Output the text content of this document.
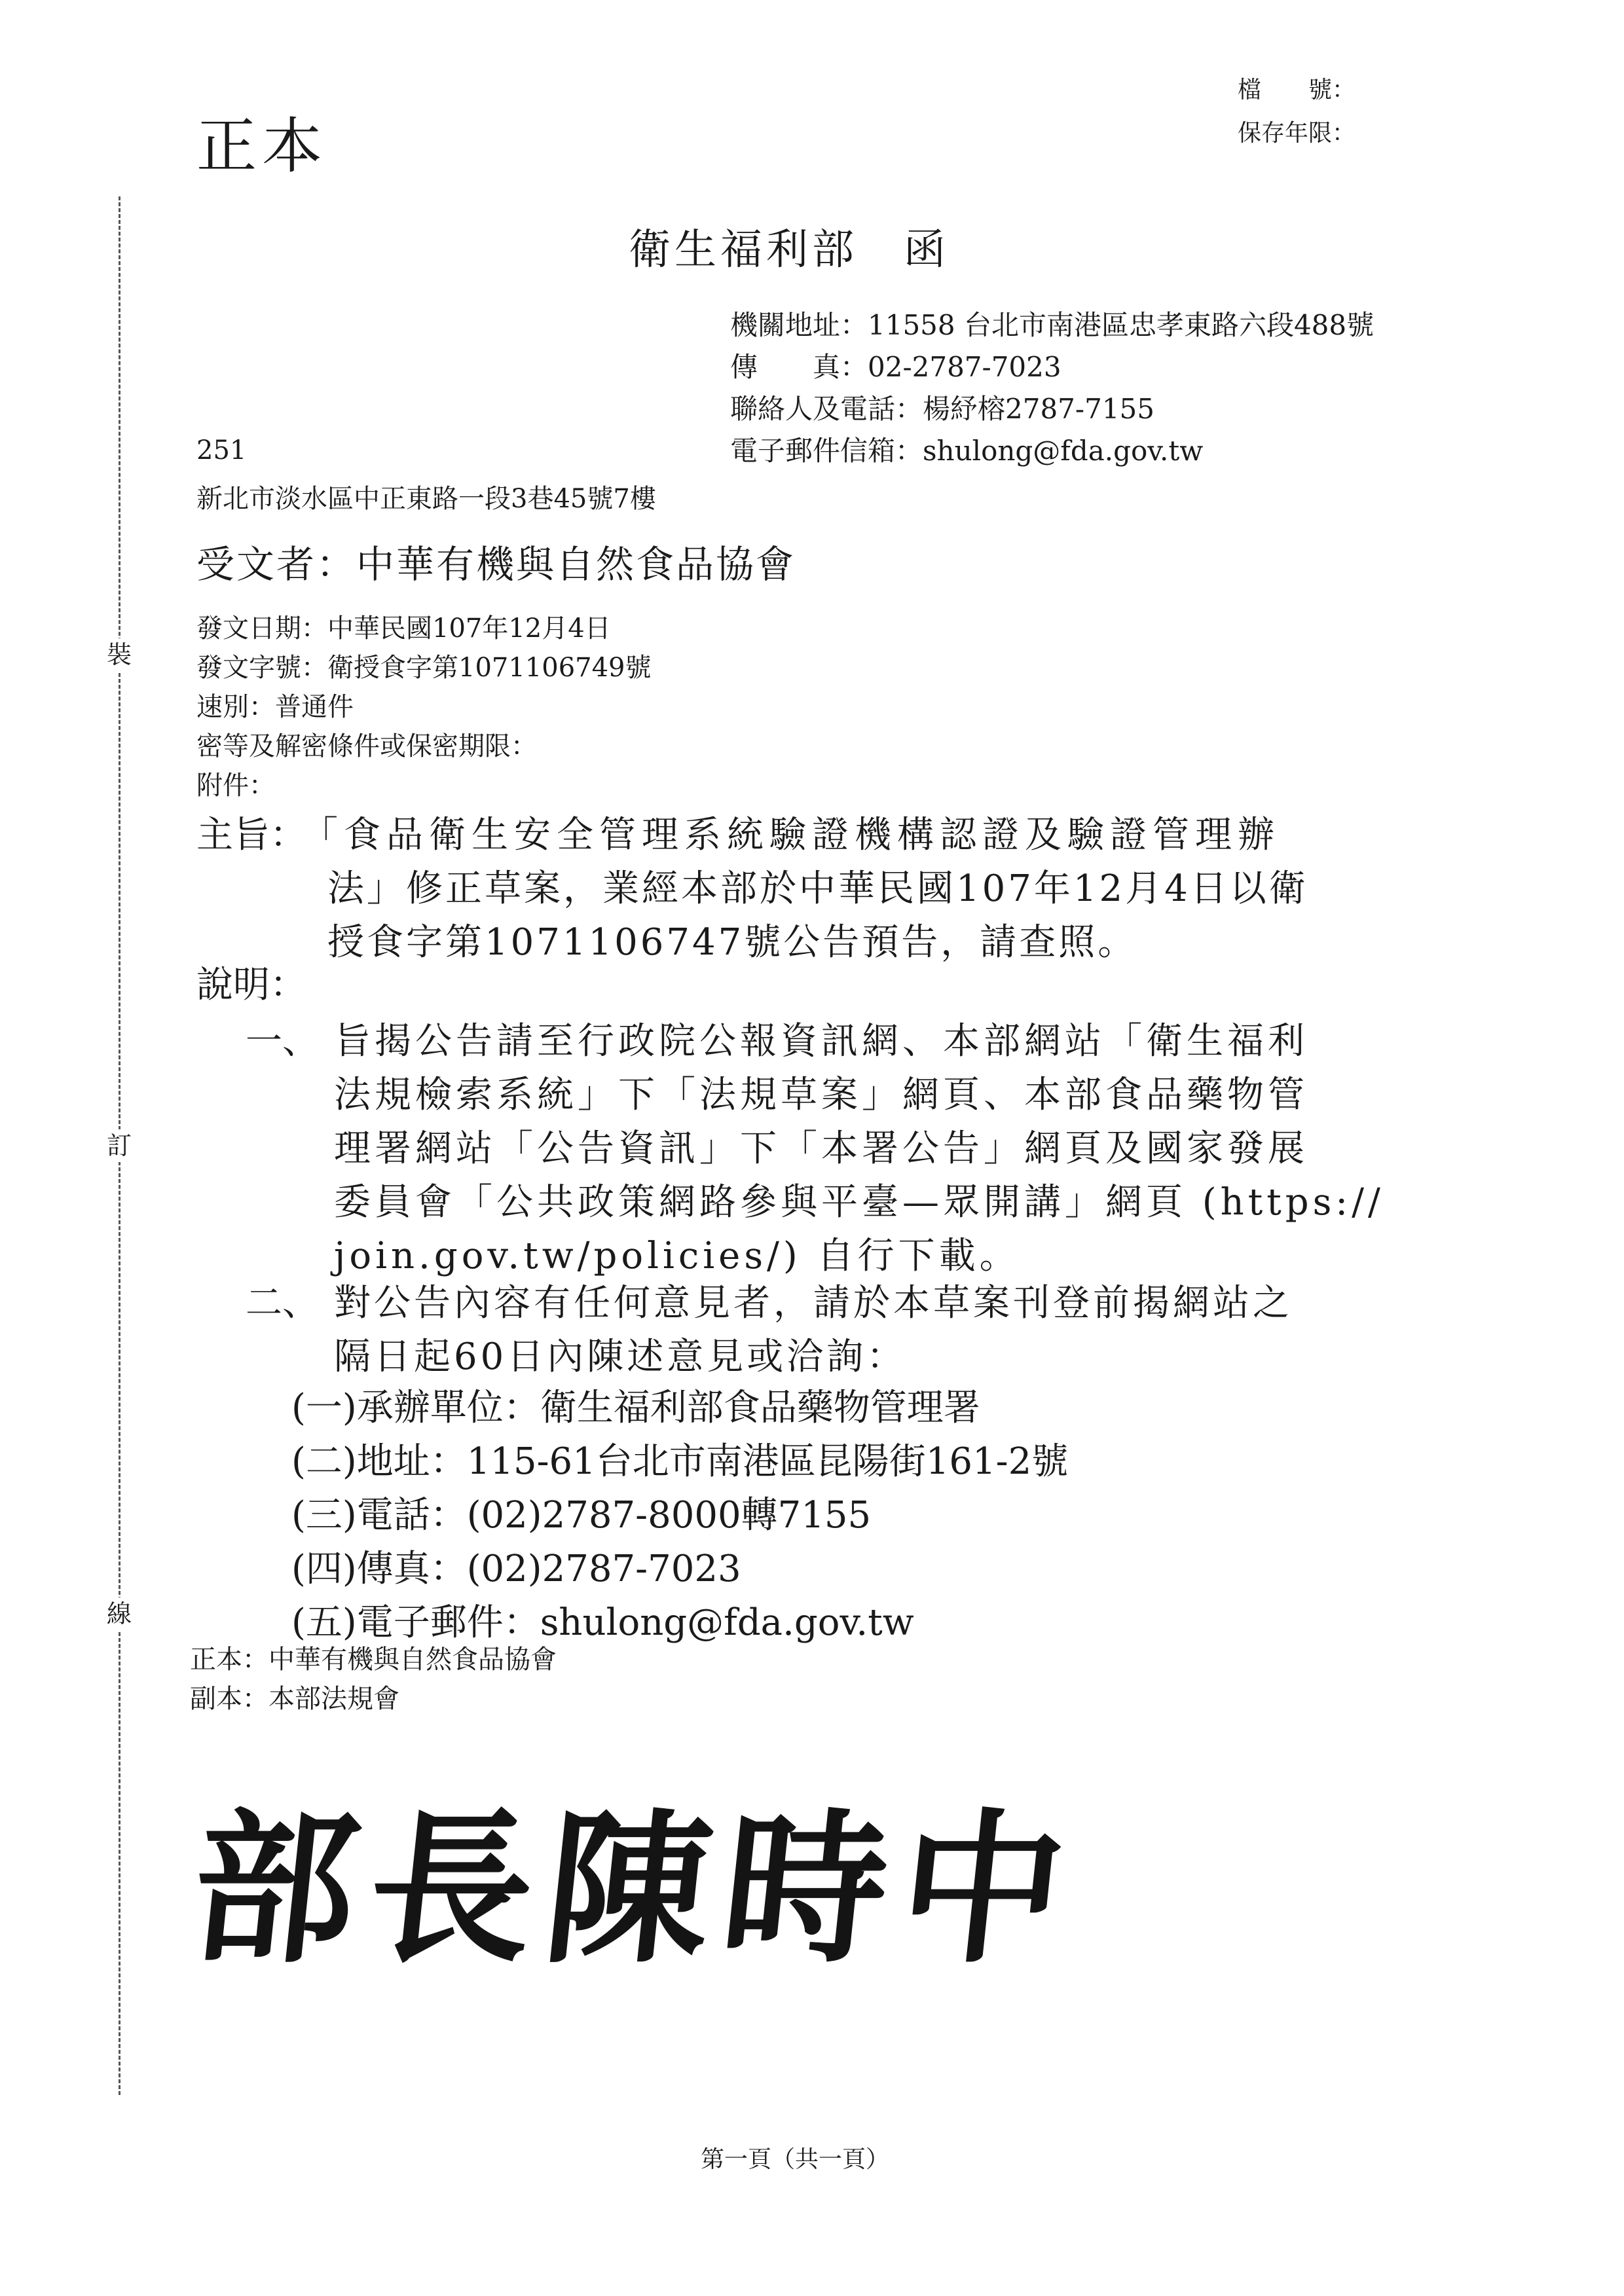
裝
訂
線
正本
檔　　號：
保存年限：
衛生福利部　函
機關地址：11558 台北市南港區忠孝東路六段488號
傳　　真：02-2787-7023
聯絡人及電話：楊紓榕2787-7155
電子郵件信箱：shulong@fda.gov.tw
251
新北市淡水區中正東路一段3巷45號7樓
受文者：中華有機與自然食品協會
發文日期：中華民國107年12月4日
發文字號：衛授食字第1071106749號
速別：普通件
密等及解密條件或保密期限：
附件：
主旨：
「食品衛生安全管理系統驗證機構認證及驗證管理辦
法」修正草案，業經本部於中華民國107年12月4日以衛
授食字第1071106747號公告預告，請查照。
說明：
一、 旨揭公告請至行政院公報資訊網、本部網站「衛生福利
法規檢索系統」下「法規草案」網頁、本部食品藥物管
理署網站「公告資訊」下「本署公告」網頁及國家發展
委員會「公共政策網路參與平臺—眾開講」網頁 (https://
join.gov.tw/policies/) 自行下載。
二、 對公告內容有任何意見者，請於本草案刊登前揭網站之
隔日起60日內陳述意見或洽詢：
(一)承辦單位：衛生福利部食品藥物管理署
(二)地址：115-61台北市南港區昆陽街161-2號
(三)電話：(02)2787-8000轉7155
(四)傳真：(02)2787-7023
(五)電子郵件：shulong@fda.gov.tw
正本：中華有機與自然食品協會
副本：本部法規會
部長陳時中
第一頁（共一頁）
